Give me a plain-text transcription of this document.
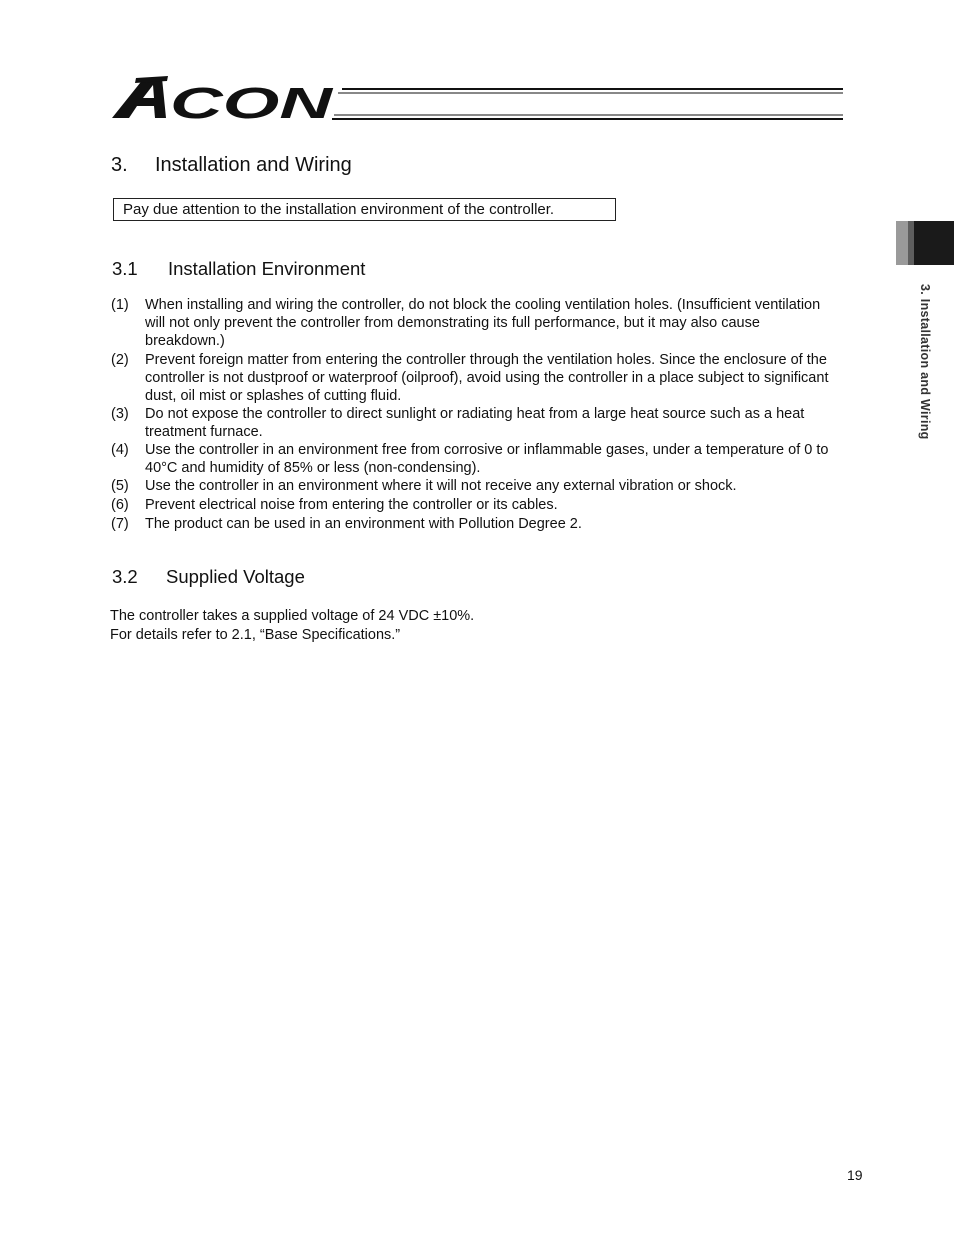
CON
3. Installation and Wiring
Pay due attention to the installation environment of the controller.
3.1 Installation Environment
(1)	When installing and wiring the controller, do not block the cooling ventilation holes. (Insufficient ventilation will not only prevent the controller from demonstrating its full performance, but it may also cause breakdown.)
(2)	Prevent foreign matter from entering the controller through the ventilation holes. Since the enclosure of the controller is not dustproof or waterproof (oilproof), avoid using the controller in a place subject to significant dust, oil mist or splashes of cutting fluid.
(3)	Do not expose the controller to direct sunlight or radiating heat from a large heat source such as a heat treatment furnace.
(4)	Use the controller in an environment free from corrosive or inflammable gases, under a temperature of 0 to 40°C and humidity of 85% or less (non-condensing).
(5)	Use the controller in an environment where it will not receive any external vibration or shock.
(6)	Prevent electrical noise from entering the controller or its cables.
(7)	The product can be used in an environment with Pollution Degree 2.
3.2 Supplied Voltage
The controller takes a supplied voltage of 24 VDC ±10%.
For details refer to 2.1, “Base Specifications.”
3. Installation and Wiring
19
